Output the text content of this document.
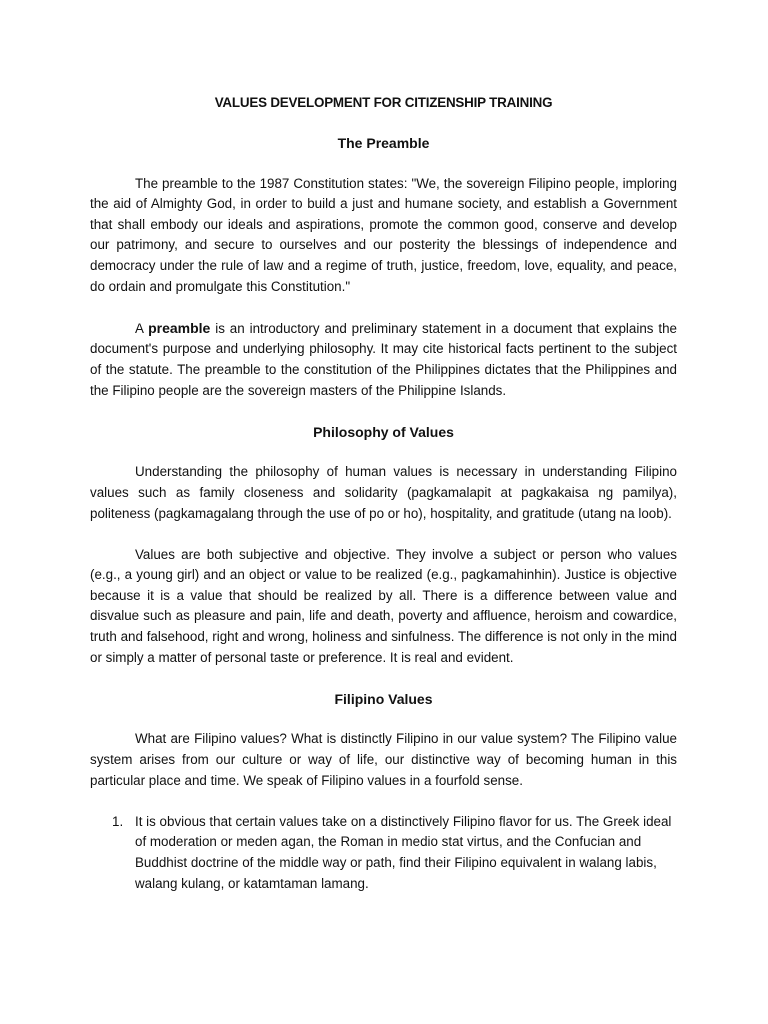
VALUES DEVELOPMENT FOR CITIZENSHIP TRAINING
The Preamble

The preamble to the 1987 Constitution states: "We, the sovereign Filipino people, imploring the aid of Almighty God, in order to build a just and humane society, and establish a Government that shall embody our ideals and aspirations, promote the common good, conserve and develop our patrimony, and secure to ourselves and our posterity the blessings of independence and democracy under the rule of law and a regime of truth, justice, freedom, love, equality, and peace, do ordain and promulgate this Constitution."

A preamble is an introductory and preliminary statement in a document that explains the document's purpose and underlying philosophy. It may cite historical facts pertinent to the subject of the statute. The preamble to the constitution of the Philippines dictates that the Philippines and the Filipino people are the sovereign masters of the Philippine Islands.

Philosophy of Values

Understanding the philosophy of human values is necessary in understanding Filipino values such as family closeness and solidarity (pagkamalapit at pagkakaisa ng pamilya), politeness (pagkamagalang through the use of po or ho), hospitality, and gratitude (utang na loob).

Values are both subjective and objective. They involve a subject or person who values (e.g., a young girl) and an object or value to be realized (e.g., pagkamahinhin). Justice is objective because it is a value that should be realized by all. There is a difference between value and disvalue such as pleasure and pain, life and death, poverty and affluence, heroism and cowardice, truth and falsehood, right and wrong, holiness and sinfulness. The difference is not only in the mind or simply a matter of personal taste or preference. It is real and evident.

Filipino Values

What are Filipino values? What is distinctly Filipino in our value system? The Filipino value system arises from our culture or way of life, our distinctive way of becoming human in this particular place and time. We speak of Filipino values in a fourfold sense.

1. It is obvious that certain values take on a distinctively Filipino flavor for us. The Greek ideal of moderation or meden agan, the Roman in medio stat virtus, and the Confucian and Buddhist doctrine of the middle way or path, find their Filipino equivalent in walang labis, walang kulang, or katamtaman lamang.
